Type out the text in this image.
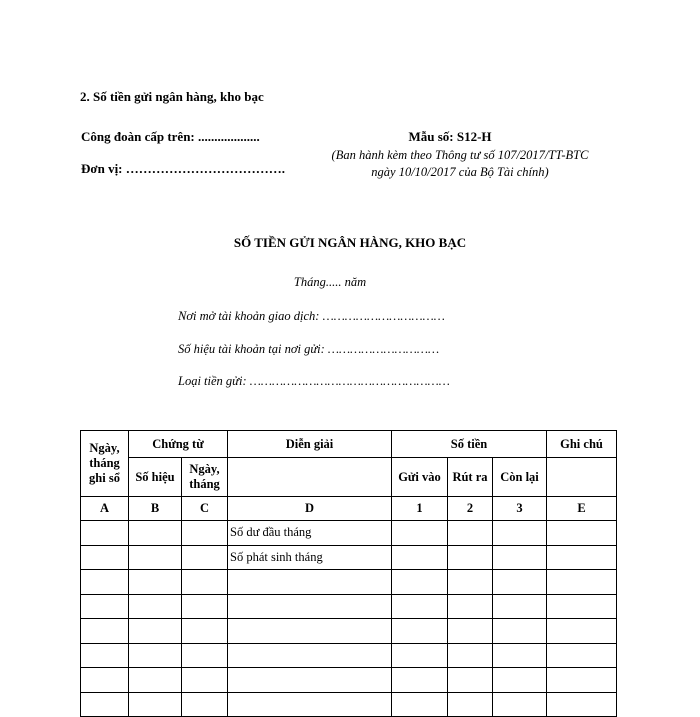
2. Số tiền gửi ngân hàng, kho bạc
Công đoàn cấp trên: ...................
Đơn vị: ……………………………….
Mẫu số: S12-H
(Ban hành kèm theo Thông tư số 107/2017/TT-BTC ngày 10/10/2017 của Bộ Tài chính)
SỐ TIỀN GỬI NGÂN HÀNG, KHO BẠC
Tháng..... năm
Nơi mở tài khoản giao dịch: ……………………………
Số hiệu tài khoản tại nơi gửi: …………………………
Loại tiền gửi: ………………………………………………
Ngày, tháng ghi sổ	Chứng từ		Diễn giải	Số tiền			Ghi chú
	Số hiệu	Ngày, tháng		Gửi vào	Rút ra	Còn lại	
A	B	C	D	1	2	3	E
			Số dư đầu tháng				
			Số phát sinh tháng				
